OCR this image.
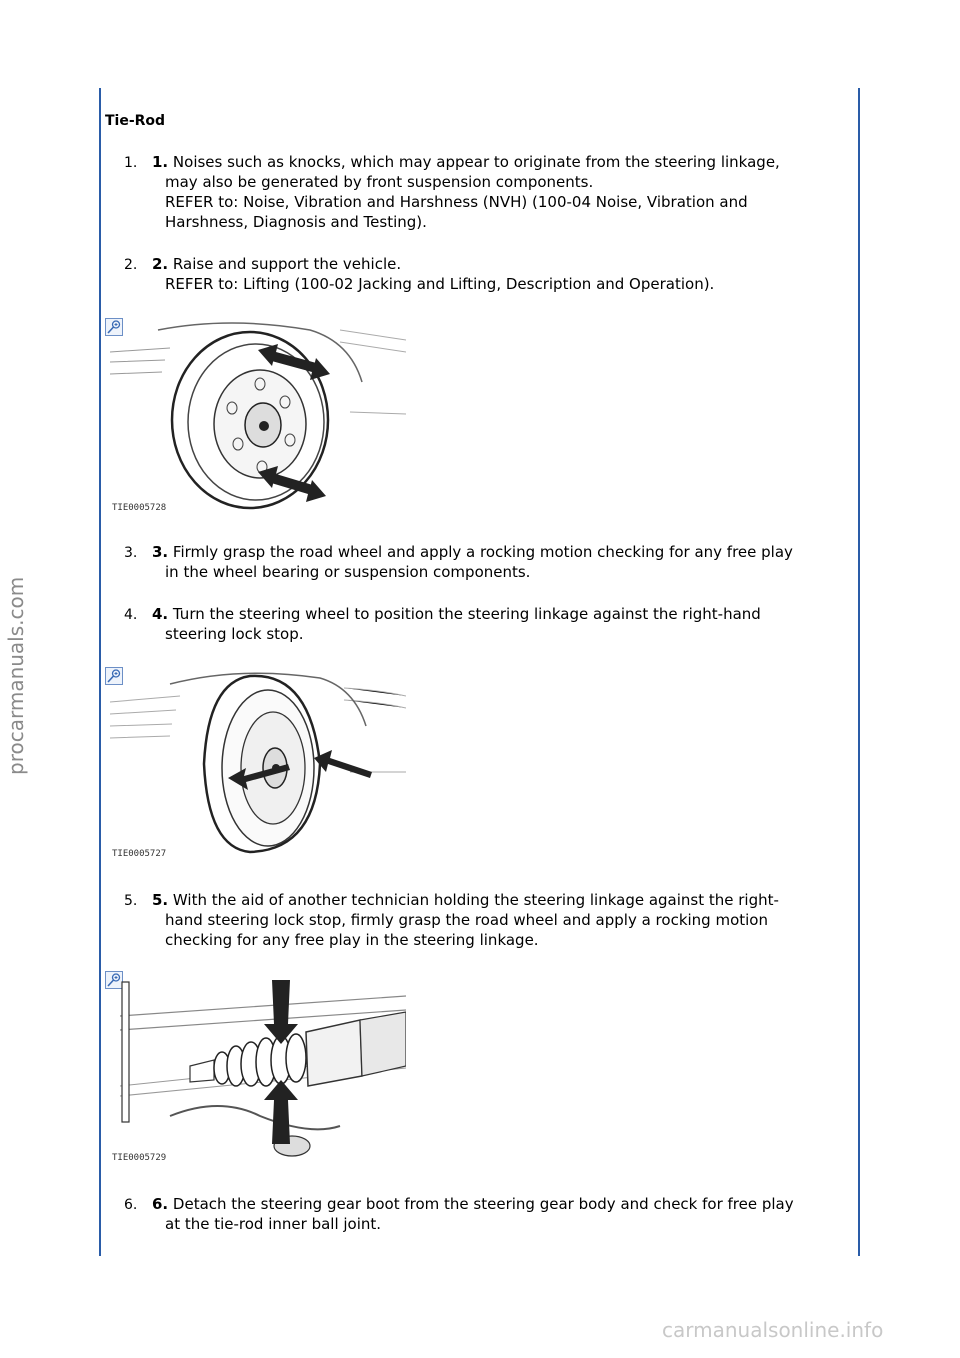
procarmanuals.com
carmanualsonline.info
Tie-Rod
1. 1. Noises such as knocks, which may appear to originate from the steering linkage,
may also be generated by front suspension components.
REFER to: Noise, Vibration and Harshness (NVH) (100-04 Noise, Vibration and
Harshness, Diagnosis and Testing).
2. 2. Raise and support the vehicle.
REFER to: Lifting (100-02 Jacking and Lifting, Description and Operation).
TIE0005728
3. 3. Firmly grasp the road wheel and apply a rocking motion checking for any free play
in the wheel bearing or suspension components.
4. 4. Turn the steering wheel to position the steering linkage against the right-hand
steering lock stop.
TIE0005727
5. 5. With the aid of another technician holding the steering linkage against the right-
hand steering lock stop, firmly grasp the road wheel and apply a rocking motion
checking for any free play in the steering linkage.
TIE0005729
6. 6. Detach the steering gear boot from the steering gear body and check for free play
at the tie-rod inner ball joint.
